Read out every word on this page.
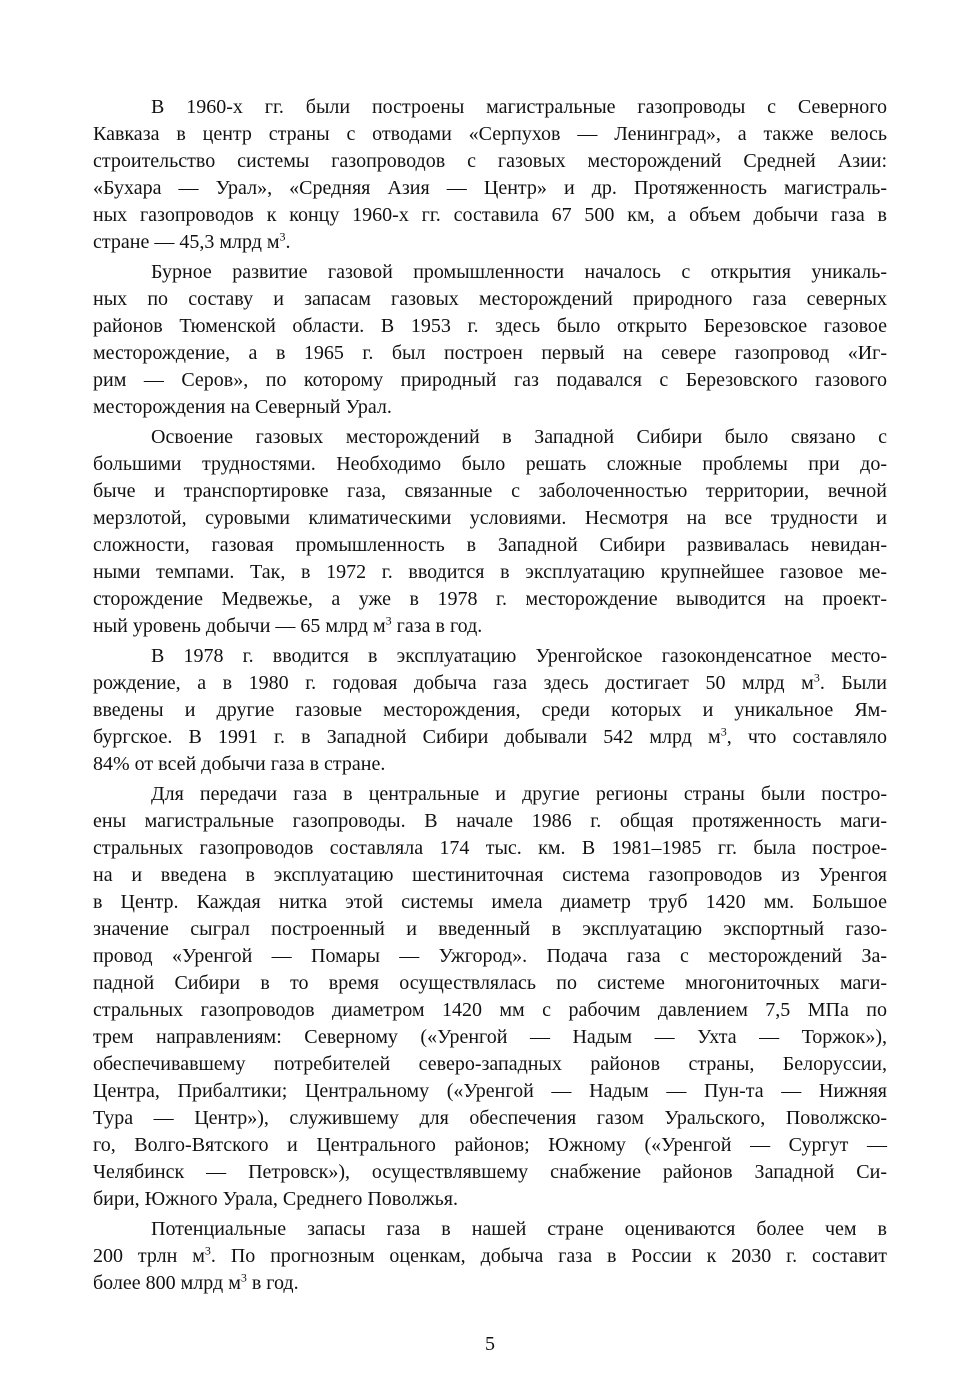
В 1960-х гг. были построены магистральные газопроводы с Северного
Кавказа в центр страны с отводами «Серпухов — Ленинград», а также велось
строительство системы газопроводов с газовых месторождений Средней Азии:
«Бухара — Урал», «Средняя Азия — Центр» и др. Протяженность магистраль-
ных газопроводов к концу 1960-х гг. составила 67 500 км, а объем добычи газа в
стране — 45,3 млрд $м^3$.

Бурное развитие газовой промышленности началось с открытия уникаль-
ных по составу и запасам газовых месторождений природного газа северных
районов Тюменской области. В 1953 г. здесь было открыто Березовское газовое
месторождение, а в 1965 г. был построен первый на севере газопровод «Иг-
рим — Серов», по которому природный газ подавался с Березовского газового
месторождения на Северный Урал.

Освоение газовых месторождений в Западной Сибири было связано с
большими трудностями. Необходимо было решать сложные проблемы при до-
быче и транспортировке газа, связанные с заболоченностью территории, вечной
мерзлотой, суровыми климатическими условиями. Несмотря на все трудности и
сложности, газовая промышленность в Западной Сибири развивалась невидан-
ными темпами. Так, в 1972 г. вводится в эксплуатацию крупнейшее газовое ме-
сторождение Медвежье, а уже в 1978 г. месторождение выводится на проект-
ный уровень добычи — 65 млрд $м^3$ газа в год.

В 1978 г. вводится в эксплуатацию Уренгойское газоконденсатное место-
рождение, а в 1980 г. годовая добыча газа здесь достигает 50 млрд $м^3$. Были
введены и другие газовые месторождения, среди которых и уникальное Ям-
бургское. В 1991 г. в Западной Сибири добывали 542 млрд $м^3$, что составляло
84% от всей добычи газа в стране.

Для передачи газа в центральные и другие регионы страны были постро-
ены магистральные газопроводы. В начале 1986 г. общая протяженность маги-
стральных газопроводов составляла 174 тыс. км. В 1981–1985 гг. была построе-
на и введена в эксплуатацию шестиниточная система газопроводов из Уренгоя
в Центр. Каждая нитка этой системы имела диаметр труб 1420 мм. Большое
значение сыграл построенный и введенный в эксплуатацию экспортный газо-
провод «Уренгой — Помары — Ужгород». Подача газа с месторождений За-
падной Сибири в то время осуществлялась по системе многониточных маги-
стральных газопроводов диаметром 1420 мм с рабочим давлением 7,5 МПа по
трем направлениям: Северному («Уренгой — Надым — Ухта — Торжок»),
обеспечивавшему потребителей северо-западных районов страны, Белоруссии,
Центра, Прибалтики; Центральному («Уренгой — Надым — Пун-та — Нижняя
Тура — Центр»), служившему для обеспечения газом Уральского, Поволжско-
го, Волго-Вятского и Центрального районов; Южному («Уренгой — Сургут —
Челябинск — Петровск»), осуществлявшему снабжение районов Западной Си-
бири, Южного Урала, Среднего Поволжья.

Потенциальные запасы газа в нашей стране оцениваются более чем в
200 трлн $м^3$. По прогнозным оценкам, добыча газа в России к 2030 г. составит
более 800 млрд $м^3$ в год.

5
